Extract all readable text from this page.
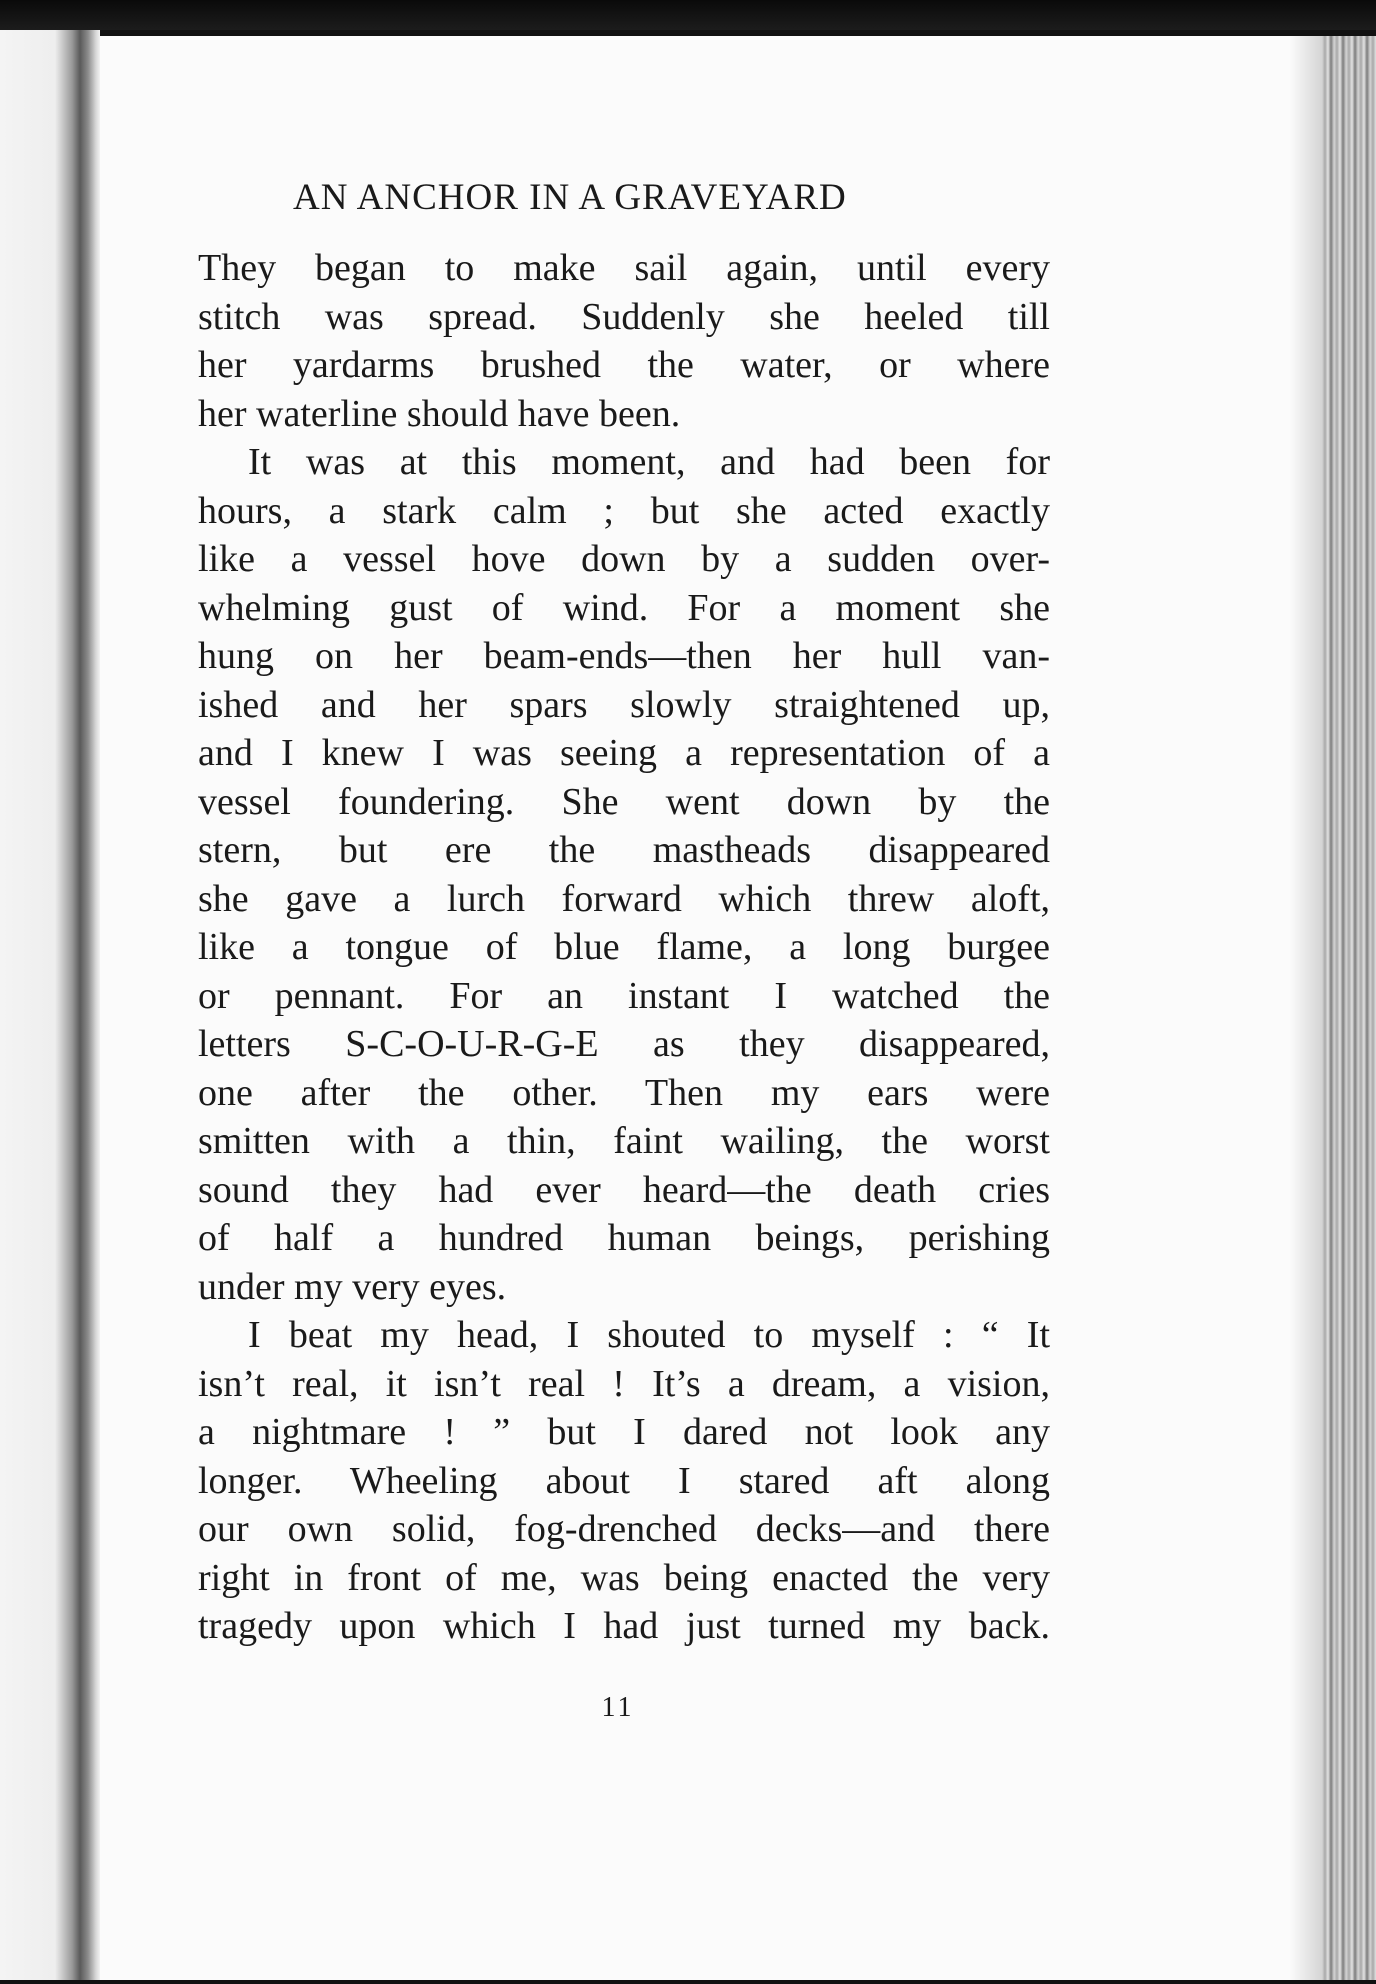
AN ANCHOR IN A GRAVEYARD
They began to make sail again, until every
stitch was spread. Suddenly she heeled till
her yardarms brushed the water, or where
her waterline should have been.
It was at this moment, and had been for
hours, a stark calm ; but she acted exactly
like a vessel hove down by a sudden over-
whelming gust of wind. For a moment she
hung on her beam-ends—then her hull van-
ished and her spars slowly straightened up,
and I knew I was seeing a representation of a
vessel foundering. She went down by the
stern, but ere the mastheads disappeared
she gave a lurch forward which threw aloft,
like a tongue of blue flame, a long burgee
or pennant. For an instant I watched the
letters S-C-O-U-R-G-E as they disappeared,
one after the other. Then my ears were
smitten with a thin, faint wailing, the worst
sound they had ever heard—the death cries
of half a hundred human beings, perishing
under my very eyes.
I beat my head, I shouted to myself : “ It
isn’t real, it isn’t real ! It’s a dream, a vision,
a nightmare ! ” but I dared not look any
longer. Wheeling about I stared aft along
our own solid, fog-drenched decks—and there
right in front of me, was being enacted the very
tragedy upon which I had just turned my back.
11
